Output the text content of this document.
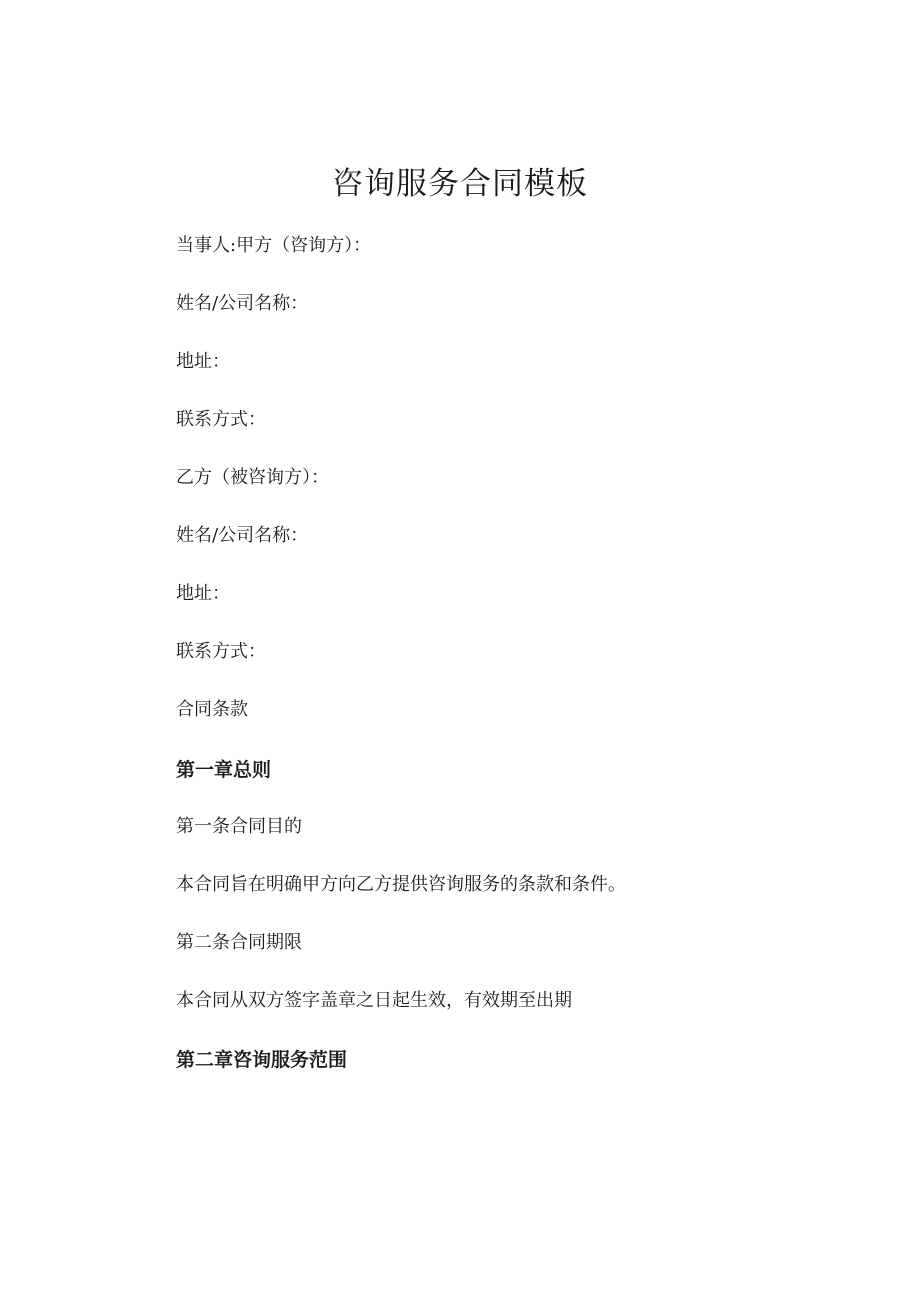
咨询服务合同模板

当事人:甲方（咨询方）：

姓名/公司名称：

地址：

联系方式：

乙方（被咨询方）：

姓名/公司名称：

地址：

联系方式：

合同条款

第一章总则

第一条合同目的

本合同旨在明确甲方向乙方提供咨询服务的条款和条件。

第二条合同期限

本合同从双方签字盖章之日起生效，有效期至出期

第二章咨询服务范围
